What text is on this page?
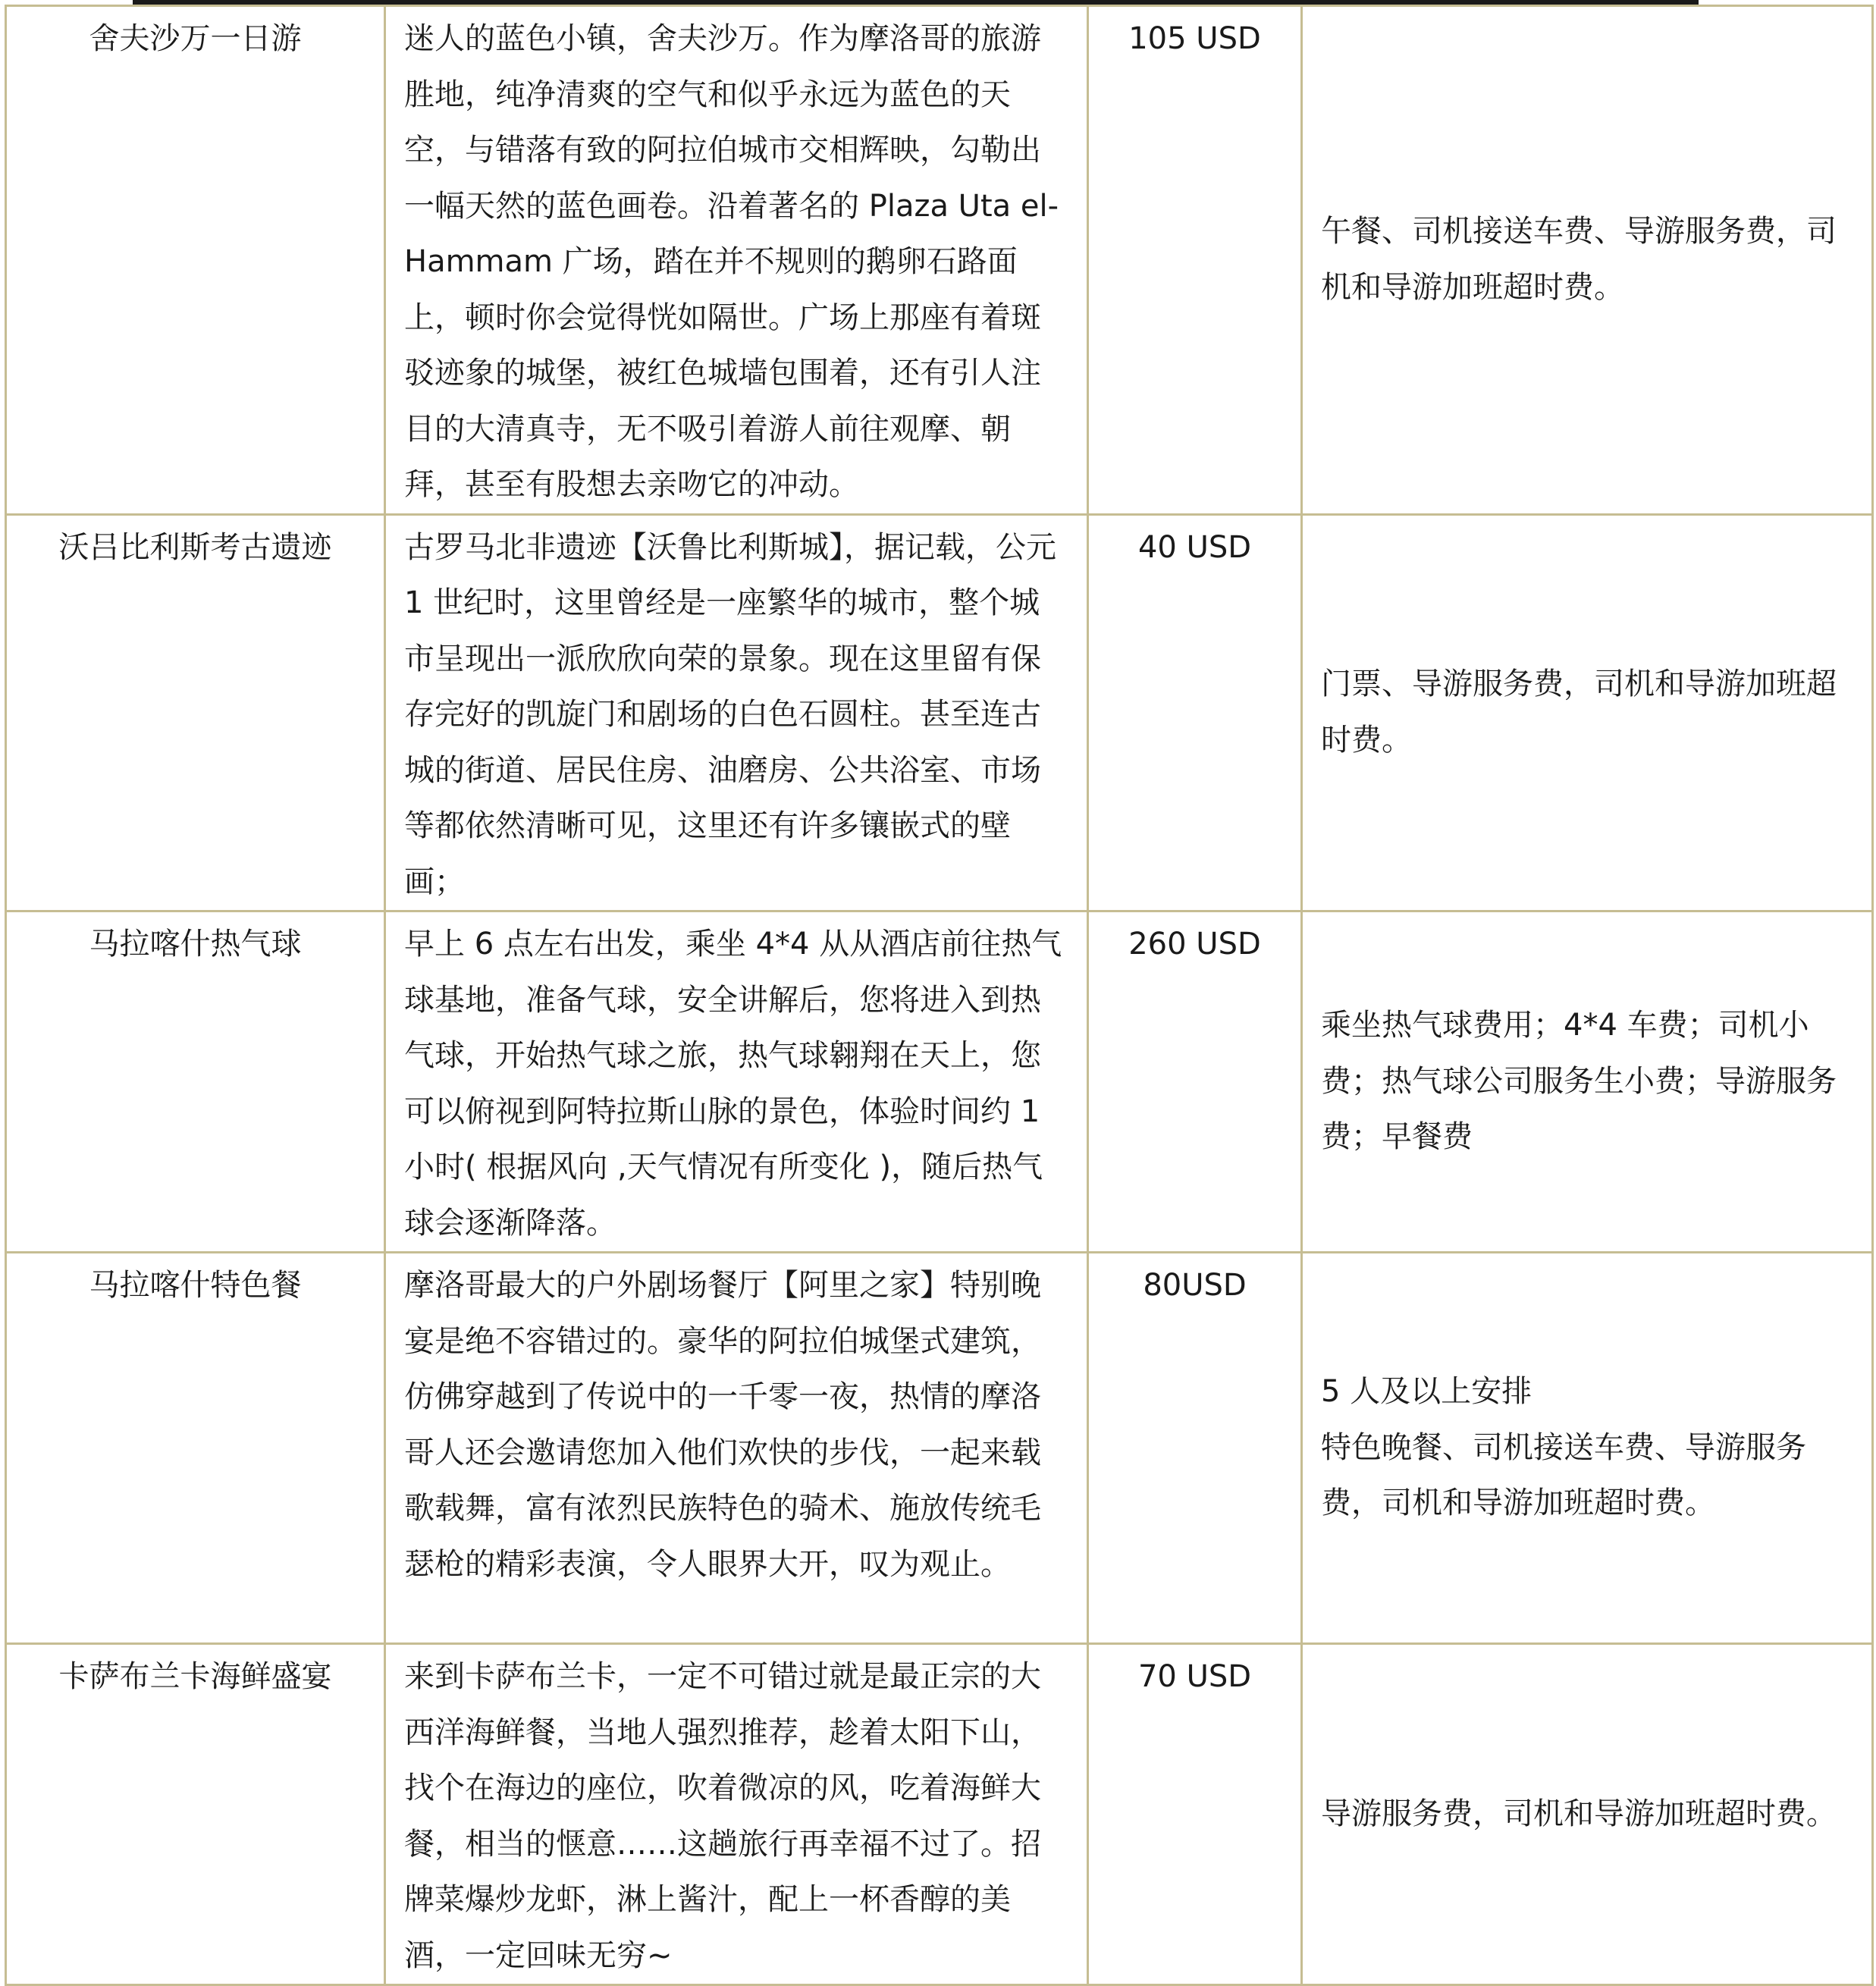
舍夫沙万一日游	迷人的蓝色小镇，舍夫沙万。作为摩洛哥的旅游胜地，纯净清爽的空气和似乎永远为蓝色的天空，与错落有致的阿拉伯城市交相辉映，勾勒出一幅天然的蓝色画卷。沿着著名的 Plaza Uta el-Hammam 广场，踏在并不规则的鹅卵石路面上，顿时你会觉得恍如隔世。广场上那座有着斑驳迹象的城堡，被红色城墙包围着，还有引人注目的大清真寺，无不吸引着游人前往观摩、朝拜，甚至有股想去亲吻它的冲动。	105 USD	午餐、司机接送车费、导游服务费，司机和导游加班超时费。

沃吕比利斯考古遗迹	古罗马北非遗迹【沃鲁比利斯城】，据记载，公元 1 世纪时，这里曾经是一座繁华的城市，整个城市呈现出一派欣欣向荣的景象。现在这里留有保存完好的凯旋门和剧场的白色石圆柱。甚至连古城的街道、居民住房、油磨房、公共浴室、市场等都依然清晰可见，这里还有许多镶嵌式的壁画；	40 USD	门票、导游服务费，司机和导游加班超时费。

马拉喀什热气球	早上 6 点左右出发，乘坐 4*4 从从酒店前往热气球基地，准备气球，安全讲解后，您将进入到热气球，开始热气球之旅，热气球翱翔在天上，您可以俯视到阿特拉斯山脉的景色，体验时间约 1 小时( 根据风向 ,天气情况有所变化 )，随后热气球会逐渐降落。	260 USD	乘坐热气球费用；4*4 车费；司机小费；热气球公司服务生小费；导游服务费；早餐费

马拉喀什特色餐	摩洛哥最大的户外剧场餐厅【阿里之家】特别晚宴是绝不容错过的。豪华的阿拉伯城堡式建筑，仿佛穿越到了传说中的一千零一夜，热情的摩洛哥人还会邀请您加入他们欢快的步伐，一起来载歌载舞，富有浓烈民族特色的骑术、施放传统毛瑟枪的精彩表演，令人眼界大开，叹为观止。	80USD	5 人及以上安排
特色晚餐、司机接送车费、导游服务费，司机和导游加班超时费。

卡萨布兰卡海鲜盛宴	来到卡萨布兰卡，一定不可错过就是最正宗的大西洋海鲜餐，当地人强烈推荐，趁着太阳下山，找个在海边的座位，吹着微凉的风，吃着海鲜大餐，相当的惬意……这趟旅行再幸福不过了。招牌菜爆炒龙虾，淋上酱汁，配上一杯香醇的美酒，一定回味无穷~	70 USD	导游服务费，司机和导游加班超时费。
